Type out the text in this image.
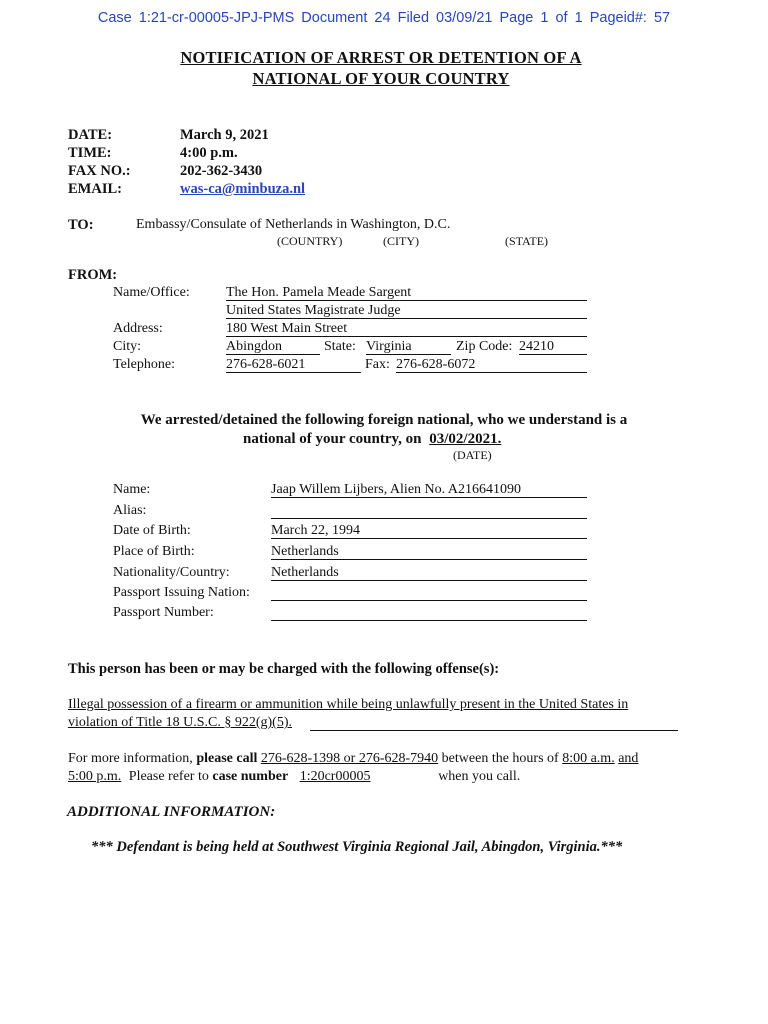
Case 1:21-cr-00005-JPJ-PMS Document 24 Filed 03/09/21 Page 1 of 1 Pageid#: 57
NOTIFICATION OF ARREST OR DETENTION OF A
NATIONAL OF YOUR COUNTRY
DATE:	March 9, 2021
TIME:	4:00 p.m.
FAX NO.:	202-362-3430
EMAIL:	was-ca@minbuza.nl
TO:	Embassy/Consulate of Netherlands in Washington, D.C.
(COUNTRY)	(CITY)	(STATE)
FROM:
Name/Office:	The Hon. Pamela Meade Sargent
United States Magistrate Judge
Address:	180 West Main Street
City:	Abingdon	State: Virginia	Zip Code: 24210
Telephone:	276-628-6021	Fax: 276-628-6072
We arrested/detained the following foreign national, who we understand is a
national of your country, on 03/02/2021.
(DATE)
Name:	Jaap Willem Lijbers, Alien No. A216641090
Alias:
Date of Birth:	March 22, 1994
Place of Birth:	Netherlands
Nationality/Country:	Netherlands
Passport Issuing Nation:
Passport Number:
This person has been or may be charged with the following offense(s):
Illegal possession of a firearm or ammunition while being unlawfully present in the United States in
violation of Title 18 U.S.C. § 922(g)(5).
For more information, please call 276-628-1398 or 276-628-7940 between the hours of 8:00 a.m. and
5:00 p.m. Please refer to case number 1:20cr00005	when you call.
ADDITIONAL INFORMATION:
*** Defendant is being held at Southwest Virginia Regional Jail, Abingdon, Virginia.***
